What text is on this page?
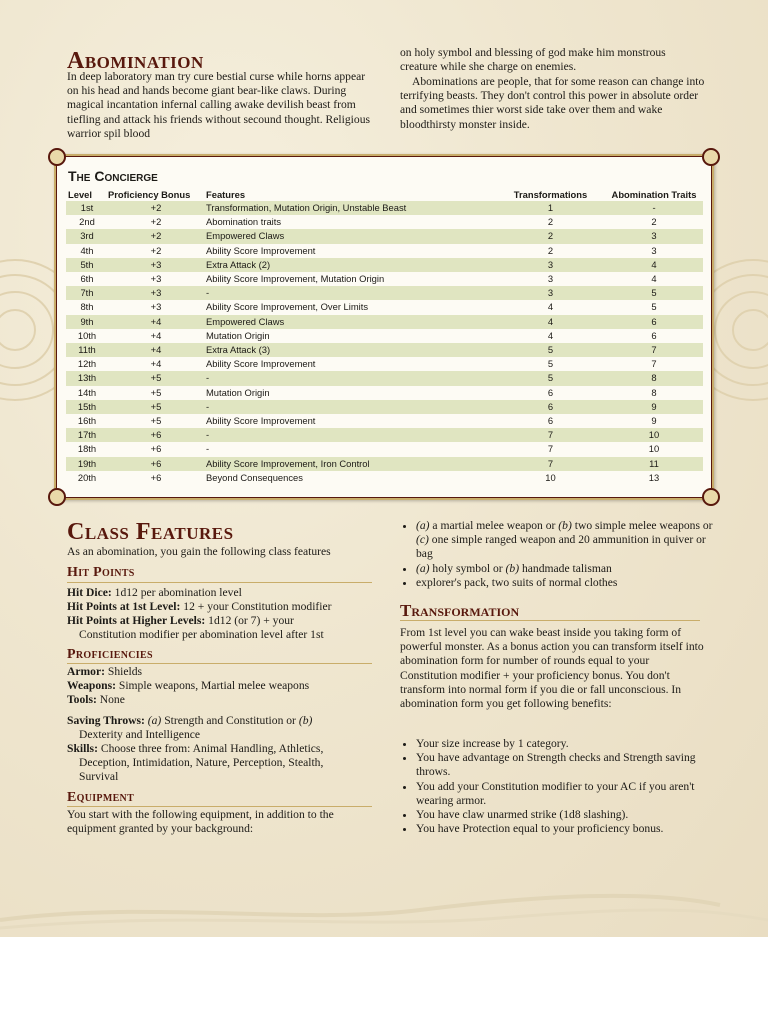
Abomination

In deep laboratory man try cure bestial curse while horns appear on his head and hands become giant bear-like claws. During magical incantation infernal calling awake devilish beast from tiefling and attack his friends without secound thought. Religious warrior spil blood

on holy symbol and blessing of god make him monstrous creature while she charge on enemies.

Abominations are people, that for some reason can change into terrifying beasts. They don't control this power in absolute order and sometimes thier worst side take over them and wake bloodthirsty monster inside.

The Concierge
Level	Proficiency Bonus	Features	Transformations	Abomination Traits
1st	+2	Transformation, Mutation Origin, Unstable Beast	1	-
2nd	+2	Abomination traits	2	2
3rd	+2	Empowered Claws	2	3
4th	+2	Ability Score Improvement	2	3
5th	+3	Extra Attack (2)	3	4
6th	+3	Ability Score Improvement, Mutation Origin	3	4
7th	+3	-	3	5
8th	+3	Ability Score Improvement, Over Limits	4	5
9th	+4	Empowered Claws	4	6
10th	+4	Mutation Origin	4	6
11th	+4	Extra Attack (3)	5	7
12th	+4	Ability Score Improvement	5	7
13th	+5	-	5	8
14th	+5	Mutation Origin	6	8
15th	+5	-	6	9
16th	+5	Ability Score Improvement	6	9
17th	+6	-	7	10
18th	+6	-	7	10
19th	+6	Ability Score Improvement, Iron Control	7	11
20th	+6	Beyond Consequences	10	13
Class Features

As an abomination, you gain the following class features

Hit Points

Hit Dice: 1d12 per abomination level

Hit Points at 1st Level: 12 + your Constitution modifier

Hit Points at Higher Levels: 1d12 (or 7) + your

Constitution modifier per abomination level after 1st

Proficiencies

Armor: Shields

Weapons: Simple weapons, Martial melee weapons

Tools: None

Saving Throws: (a) Strength and Constitution or (b)

Dexterity and Intelligence

Skills: Choose three from: Animal Handling, Athletics,

Deception, Intimidation, Nature, Perception, Stealth,

Survival

Equipment

You start with the following equipment, in addition to the equipment granted by your background:

• (a) a martial melee weapon or (b) two simple melee weapons or (c) one simple ranged weapon and 20 ammunition in quiver or bag
• (a) holy symbol or (b) handmade talisman
• explorer's pack, two suits of normal clothes
Transformation

From 1st level you can wake beast inside you taking form of powerful monster. As a bonus action you can transform itself into abomination form for number of rounds equal to your Constitution modifier + your proficiency bonus. You don't transform into normal form if you die or fall unconscious. In abomination form you get following benefits:

• Your size increase by 1 category.
• You have advantage on Strength checks and Strength saving throws.
• You add your Constitution modifier to your AC if you aren't wearing armor.
• You have claw unarmed strike (1d8 slashing).
• You have Protection equal to your proficiency bonus.
